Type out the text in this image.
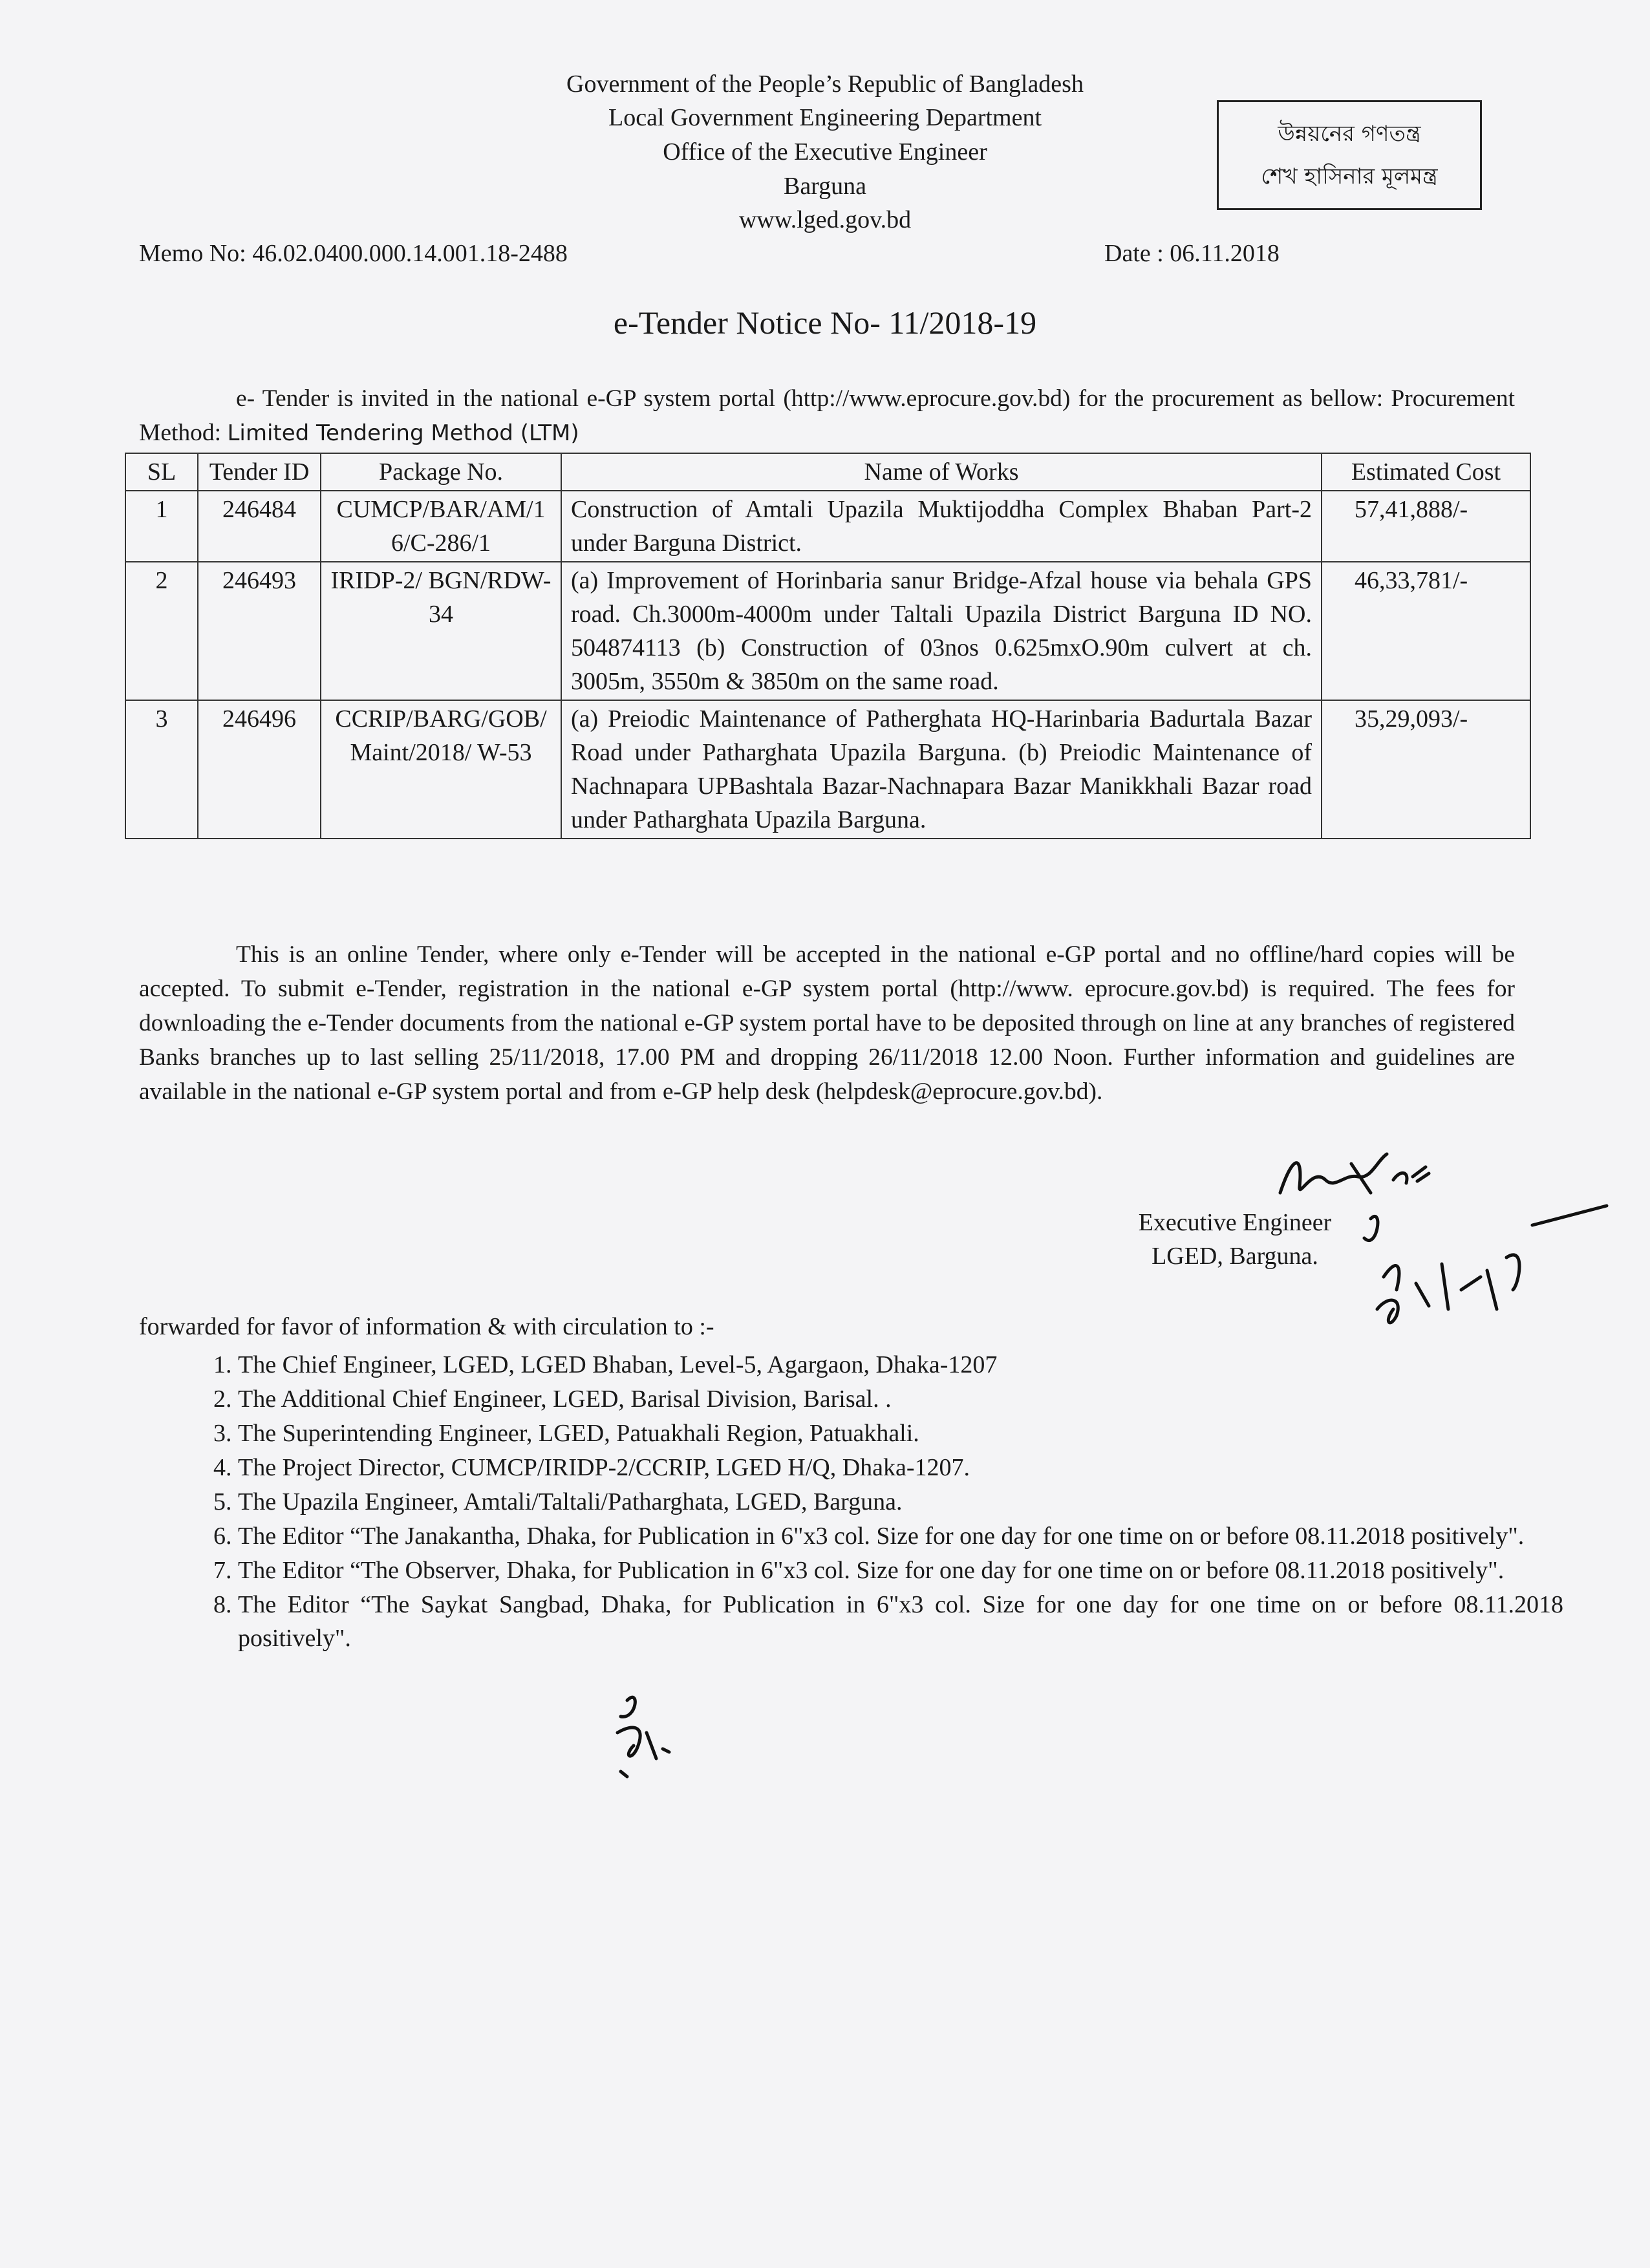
Government of the People’s Republic of Bangladesh
Local Government Engineering Department
Office of the Executive Engineer
Barguna
www.lged.gov.bd
উন্নয়নের গণতন্ত্র
শেখ হাসিনার মূলমন্ত্র
Memo No: 46.02.0400.000.14.001.18-2488	Date : 06.11.2018
e-Tender Notice No- 11/2018-19
e- Tender is invited in the national e-GP system portal (http://www.eprocure.gov.bd) for the procurement as bellow: Procurement Method: Limited Tendering Method (LTM)
SL	Tender ID	Package No.	Name of Works	Estimated Cost
1	246484	CUMCP/BAR/AM/16/C-286/1	Construction of Amtali Upazila Muktijoddha Complex Bhaban Part-2 under Barguna District.	57,41,888/-
2	246493	IRIDP-2/ BGN/RDW-34	(a) Improvement of Horinbaria sanur Bridge-Afzal house via behala GPS road. Ch.3000m-4000m under Taltali Upazila District Barguna ID NO. 504874113 (b) Construction of 03nos 0.625mxO.90m culvert at ch. 3005m, 3550m & 3850m on the same road.	46,33,781/-
3	246496	CCRIP/BARG/GOB/ Maint/2018/ W-53	(a) Preiodic Maintenance of Patherghata HQ-Harinbaria Badurtala Bazar Road under Patharghata Upazila Barguna. (b) Preiodic Maintenance of Nachnapara UPBashtala Bazar-Nachnapara Bazar Manikkhali Bazar road under Patharghata Upazila Barguna.	35,29,093/-
This is an online Tender, where only e-Tender will be accepted in the national e-GP portal and no offline/hard copies will be accepted. To submit e-Tender, registration in the national e-GP system portal (http://www. eprocure.gov.bd) is required. The fees for downloading the e-Tender documents from the national e-GP system portal have to be deposited through on line at any branches of registered Banks branches up to last selling 25/11/2018, 17.00 PM and dropping 26/11/2018 12.00 Noon. Further information and guidelines are available in the national e-GP system portal and from e-GP help desk (helpdesk@eprocure.gov.bd).
Executive Engineer
LGED, Barguna.
forwarded for favor of information & with circulation to :-
1. The Chief Engineer, LGED, LGED Bhaban, Level-5, Agargaon, Dhaka-1207
2. The Additional Chief Engineer, LGED, Barisal Division, Barisal. .
3. The Superintending Engineer, LGED, Patuakhali Region, Patuakhali.
4. The Project Director, CUMCP/IRIDP-2/CCRIP, LGED H/Q, Dhaka-1207.
5. The Upazila Engineer, Amtali/Taltali/Patharghata, LGED, Barguna.
6. The Editor “The Janakantha, Dhaka, for Publication in 6"x3 col. Size for one day for one time on or before 08.11.2018 positively".
7. The Editor “The Observer, Dhaka, for Publication in 6"x3 col. Size for one day for one time on or before 08.11.2018 positively".
8. The Editor “The Saykat Sangbad, Dhaka, for Publication in 6"x3 col. Size for one day for one time on or before 08.11.2018 positively".
